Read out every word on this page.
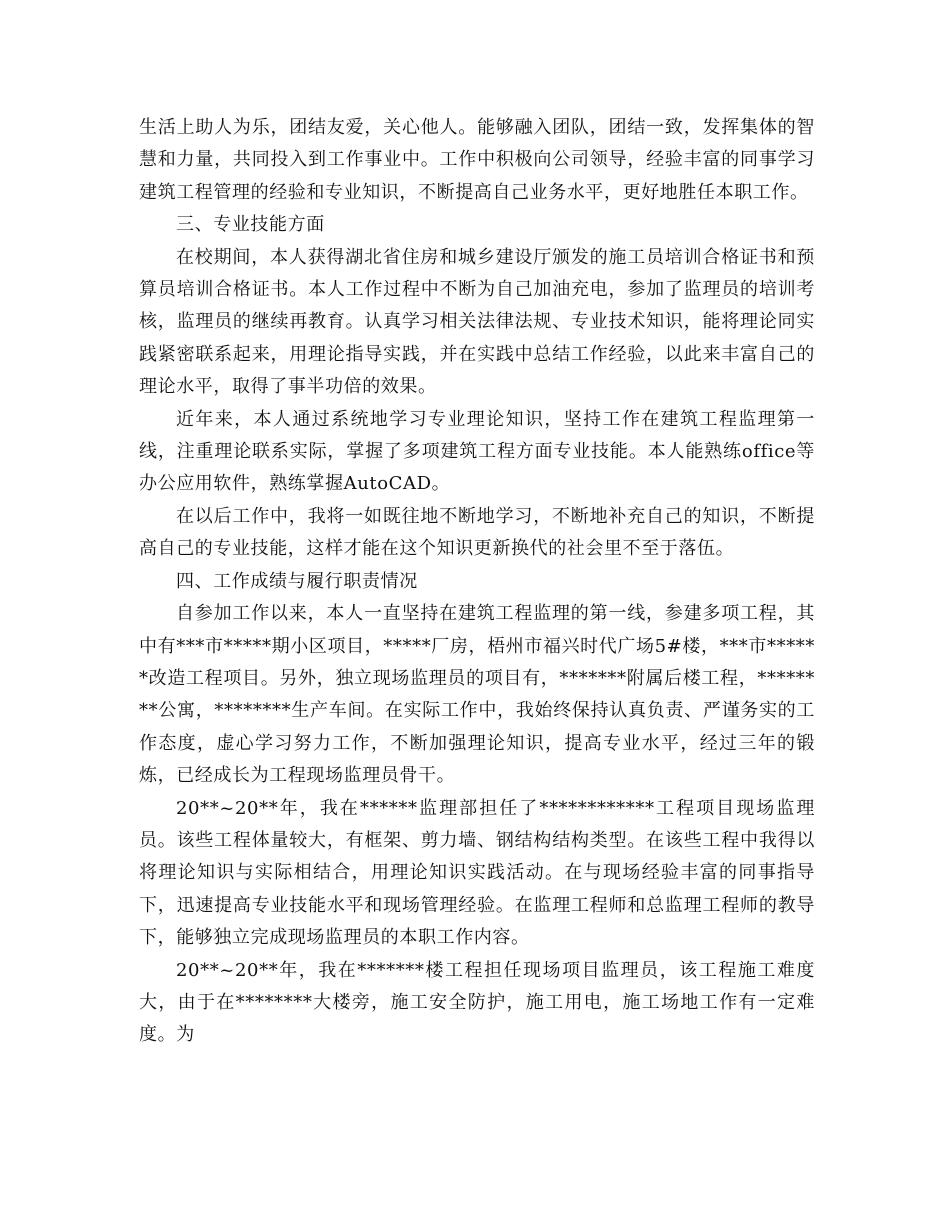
生活上助人为乐，团结友爱，关心他人。能够融入团队，团结一致，发挥集体的智慧和力量，共同投入到工作事业中。工作中积极向公司领导，经验丰富的同事学习建筑工程管理的经验和专业知识，不断提高自己业务水平，更好地胜任本职工作。

三、专业技能方面

在校期间，本人获得湖北省住房和城乡建设厅颁发的施工员培训合格证书和预算员培训合格证书。本人工作过程中不断为自己加油充电，参加了监理员的培训考核，监理员的继续再教育。认真学习相关法律法规、专业技术知识，能将理论同实践紧密联系起来，用理论指导实践，并在实践中总结工作经验，以此来丰富自己的理论水平，取得了事半功倍的效果。

近年来，本人通过系统地学习专业理论知识，坚持工作在建筑工程监理第一线，注重理论联系实际，掌握了多项建筑工程方面专业技能。本人能熟练office等办公应用软件，熟练掌握AutoCAD。

在以后工作中，我将一如既往地不断地学习，不断地补充自己的知识，不断提高自己的专业技能，这样才能在这个知识更新换代的社会里不至于落伍。

四、工作成绩与履行职责情况

自参加工作以来，本人一直坚持在建筑工程监理的第一线，参建多项工程，其中有***市*****期小区项目，*****厂房，梧州市福兴时代广场5#楼，***市******改造工程项目。另外，独立现场监理员的项目有，*******附属后楼工程，********公寓，********生产车间。在实际工作中，我始终保持认真负责、严谨务实的工作态度，虚心学习努力工作，不断加强理论知识，提高专业水平，经过三年的锻炼，已经成长为工程现场监理员骨干。

20**~20**年，我在******监理部担任了************工程项目现场监理员。该些工程体量较大，有框架、剪力墙、钢结构结构类型。在该些工程中我得以将理论知识与实际相结合，用理论知识实践活动。在与现场经验丰富的同事指导下，迅速提高专业技能水平和现场管理经验。在监理工程师和总监理工程师的教导下，能够独立完成现场监理员的本职工作内容。

20**~20**年，我在*******楼工程担任现场项目监理员，该工程施工难度大，由于在********大楼旁，施工安全防护，施工用电，施工场地工作有一定难度。为
